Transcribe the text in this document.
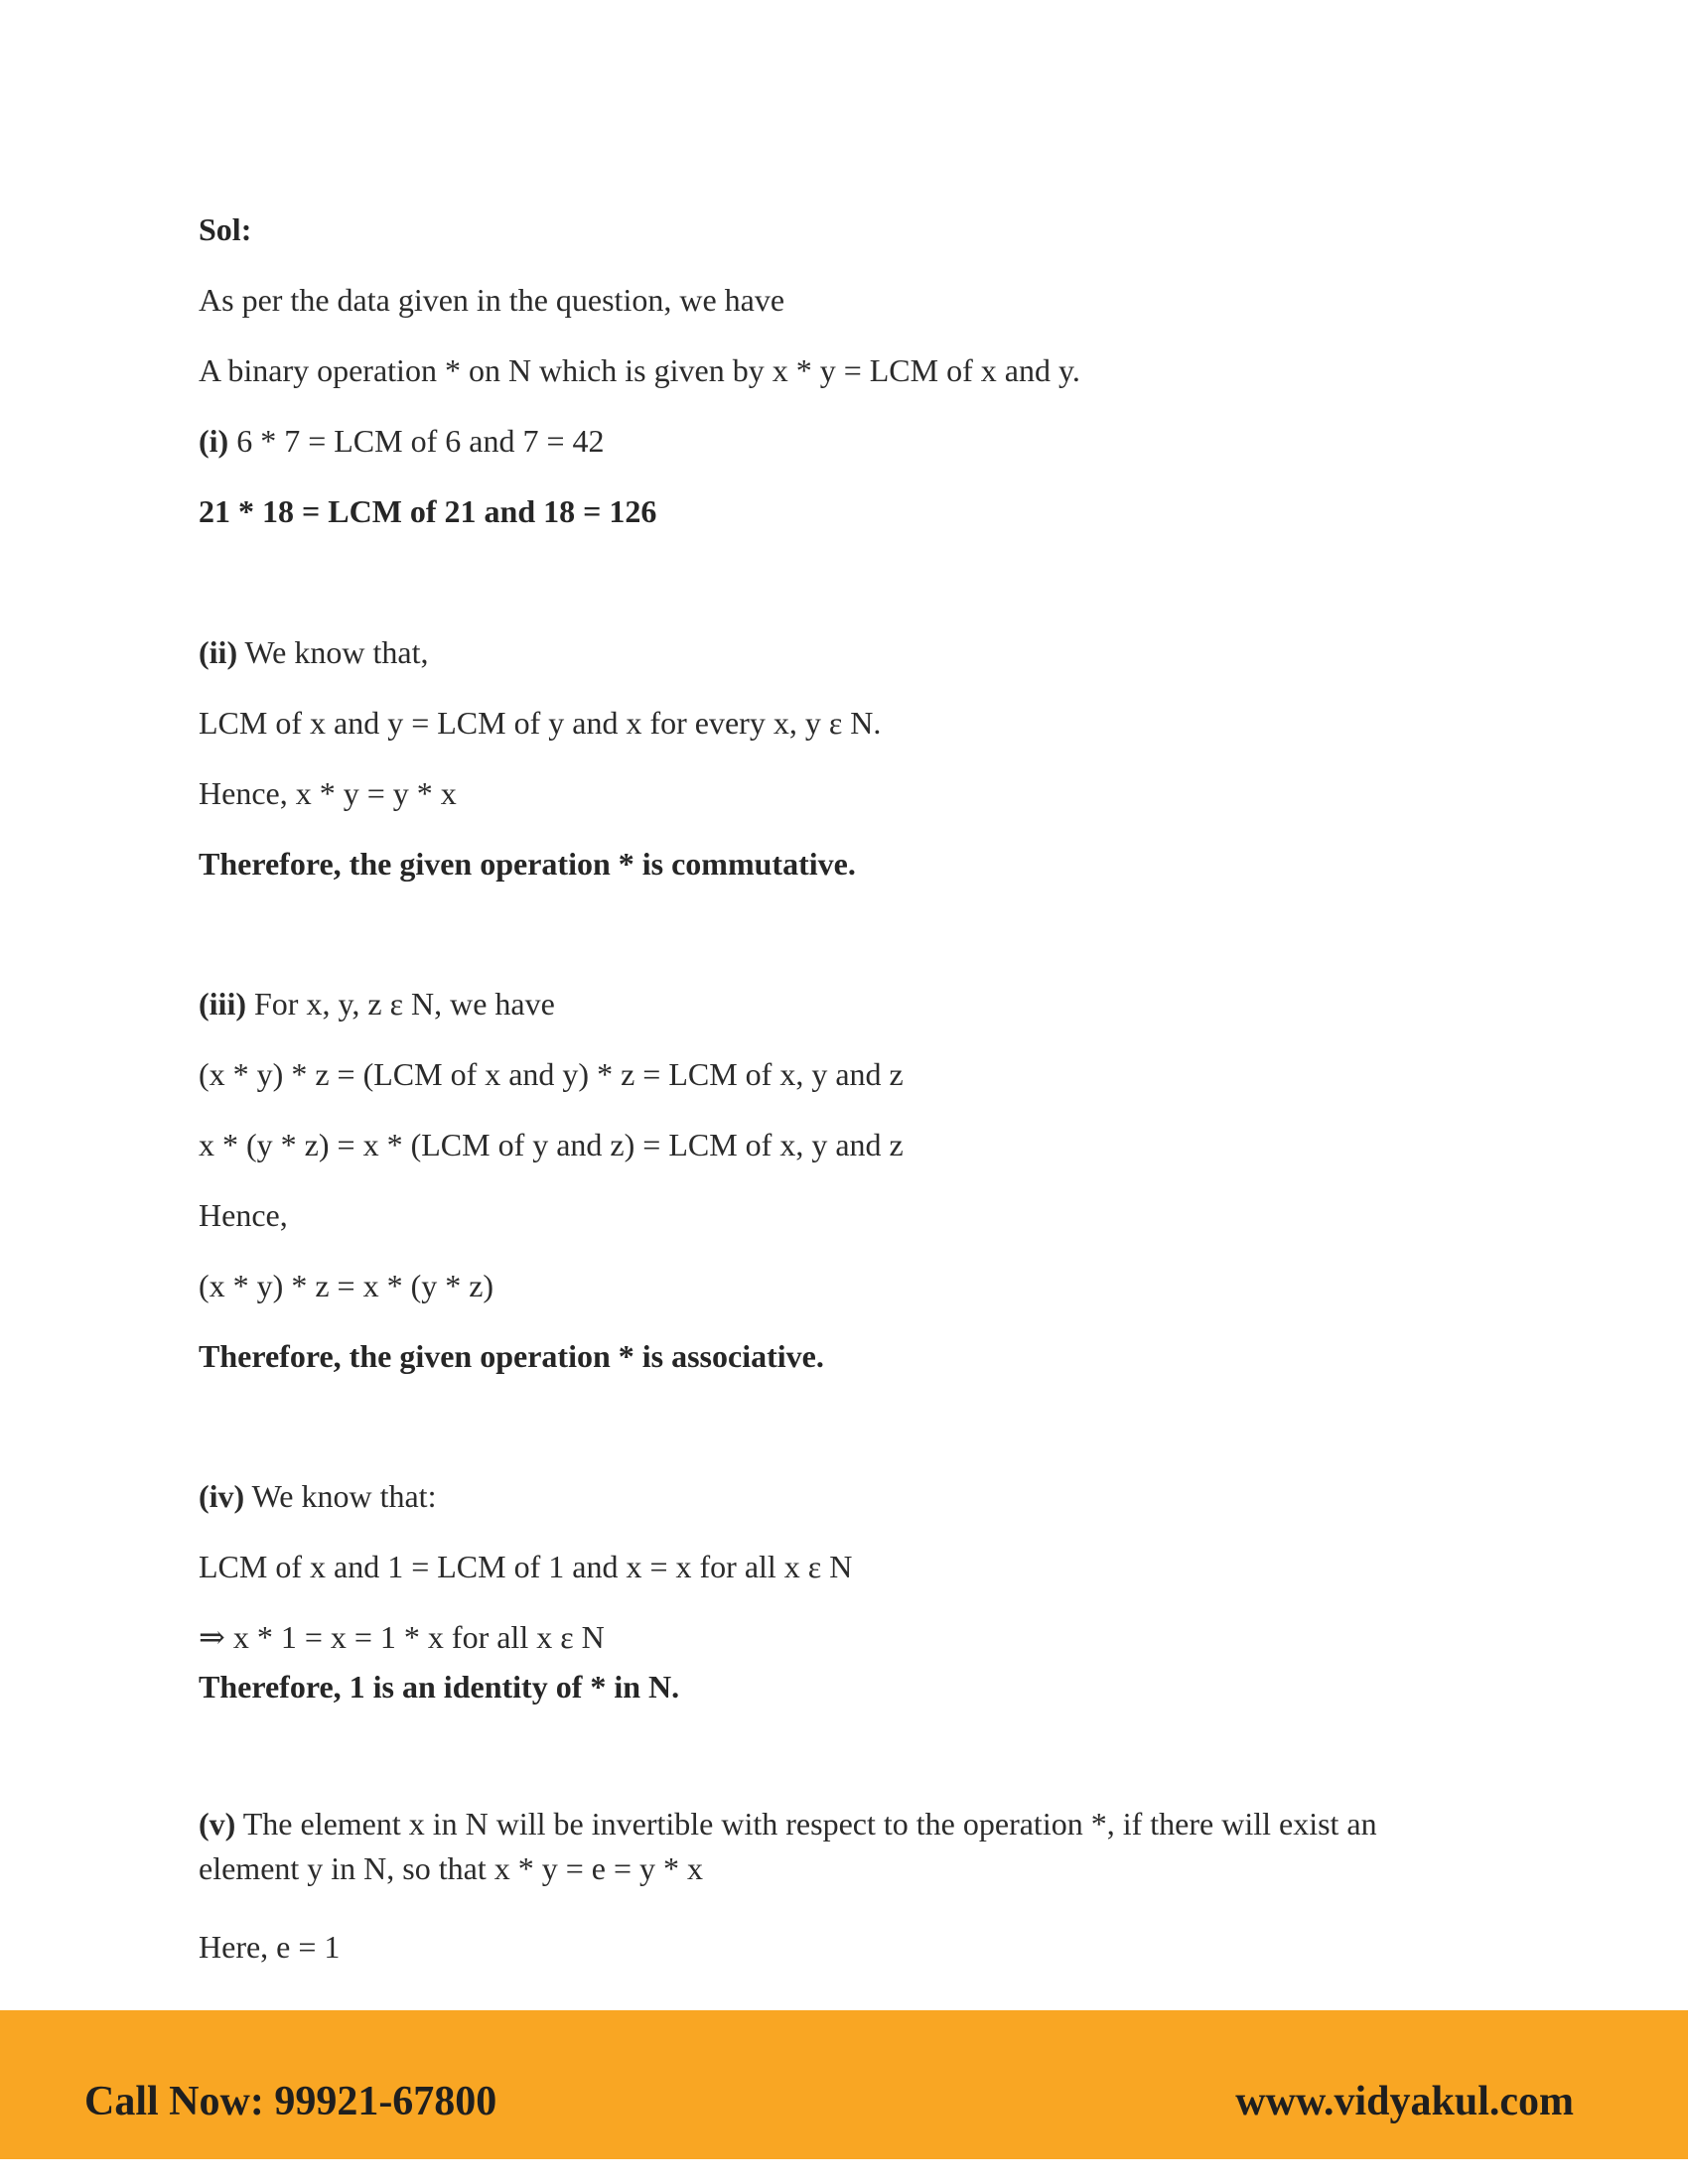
Sol:
As per the data given in the question, we have
A binary operation * on N which is given by x * y = LCM of x and y.
(i) 6 * 7 = LCM of 6 and 7 = 42
21 * 18 = LCM of 21 and 18 = 126
(ii) We know that,
LCM of x and y = LCM of y and x for every x, y ε N.
Hence, x * y = y * x
Therefore, the given operation * is commutative.
(iii) For x, y, z ε N, we have
(x * y) * z = (LCM of x and y) * z = LCM of x, y and z
x * (y * z) = x * (LCM of y and z) = LCM of x, y and z
Hence,
(x * y) * z = x * (y * z)
Therefore, the given operation * is associative.
(iv) We know that:
LCM of x and 1 = LCM of 1 and x = x for all x ε N
⇒ x * 1 = x = 1 * x for all x ε N
Therefore, 1 is an identity of * in N.
(v) The element x in N will be invertible with respect to the operation *, if there will exist an element y in N, so that x * y = e = y * x
Here, e = 1
Call Now: 99921-67800	www.vidyakul.com
